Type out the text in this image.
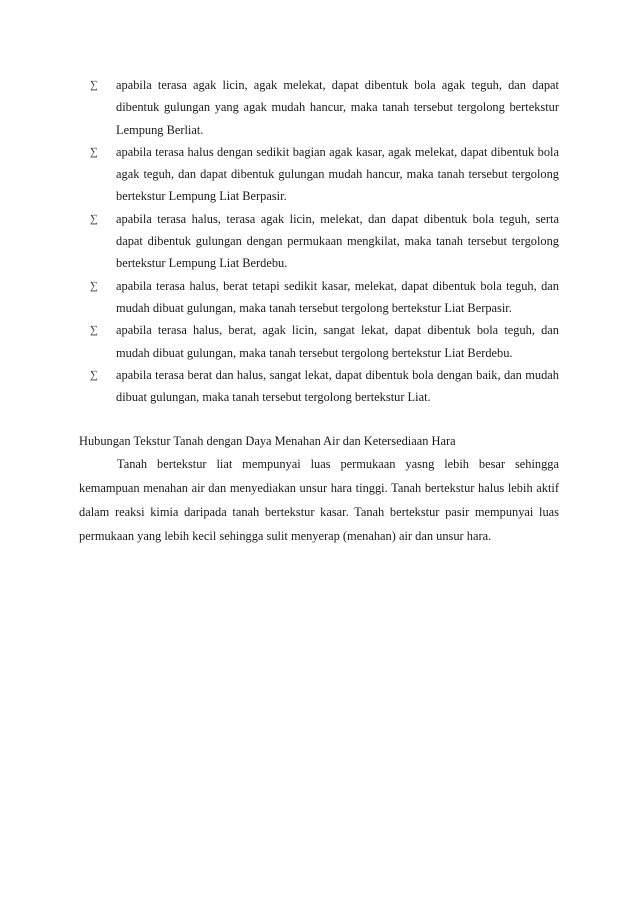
∑ apabila terasa agak licin, agak melekat, dapat dibentuk bola agak teguh, dan dapat dibentuk gulungan yang agak mudah hancur, maka tanah tersebut tergolong bertekstur Lempung Berliat.
∑ apabila terasa halus dengan sedikit bagian agak kasar, agak melekat, dapat dibentuk bola agak teguh, dan dapat dibentuk gulungan mudah hancur, maka tanah tersebut tergolong bertekstur Lempung Liat Berpasir.
∑ apabila terasa halus, terasa agak licin, melekat, dan dapat dibentuk bola teguh, serta dapat dibentuk gulungan dengan permukaan mengkilat, maka tanah tersebut tergolong bertekstur Lempung Liat Berdebu.
∑ apabila terasa halus, berat tetapi sedikit kasar, melekat, dapat dibentuk bola teguh, dan mudah dibuat gulungan, maka tanah tersebut tergolong bertekstur Liat Berpasir.
∑ apabila terasa halus, berat, agak licin, sangat lekat, dapat dibentuk bola teguh, dan mudah dibuat gulungan, maka tanah tersebut tergolong bertekstur Liat Berdebu.
∑ apabila terasa berat dan halus, sangat lekat, dapat dibentuk bola dengan baik, dan mudah dibuat gulungan, maka tanah tersebut tergolong bertekstur Liat.
Hubungan Tekstur Tanah dengan Daya Menahan Air dan Ketersediaan Hara

Tanah bertekstur liat mempunyai luas permukaan yasng lebih besar sehingga kemampuan menahan air dan menyediakan unsur hara tinggi. Tanah bertekstur halus lebih aktif dalam reaksi kimia daripada tanah bertekstur kasar. Tanah bertekstur pasir mempunyai luas permukaan yang lebih kecil sehingga sulit menyerap (menahan) air dan unsur hara.
